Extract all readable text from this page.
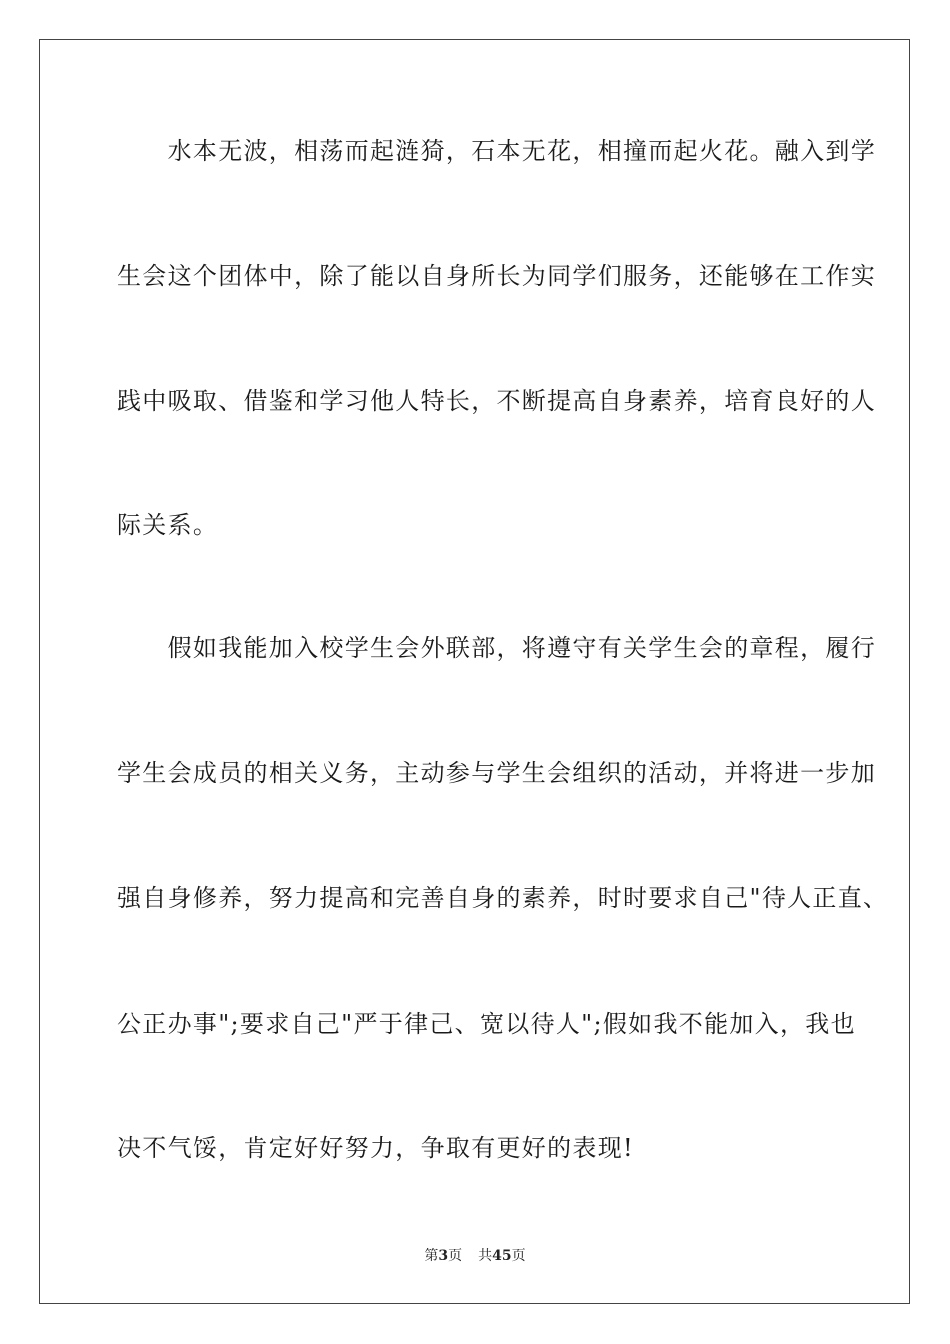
　　水本无波，相荡而起涟猗，石本无花，相撞而起火花。融入到学
生会这个团体中，除了能以自身所长为同学们服务，还能够在工作实
践中吸取、借鉴和学习他人特长，不断提高自身素养，培育良好的人
际关系。
　　假如我能加入校学生会外联部，将遵守有关学生会的章程，履行
学生会成员的相关义务，主动参与学生会组织的活动，并将进一步加
强自身修养，努力提高和完善自身的素养，时时要求自己"待人正直、
公正办事";要求自己"严于律己、宽以待人";假如我不能加入，我也
决不气馁，肯定好好努力，争取有更好的表现!
第3页 共45页
